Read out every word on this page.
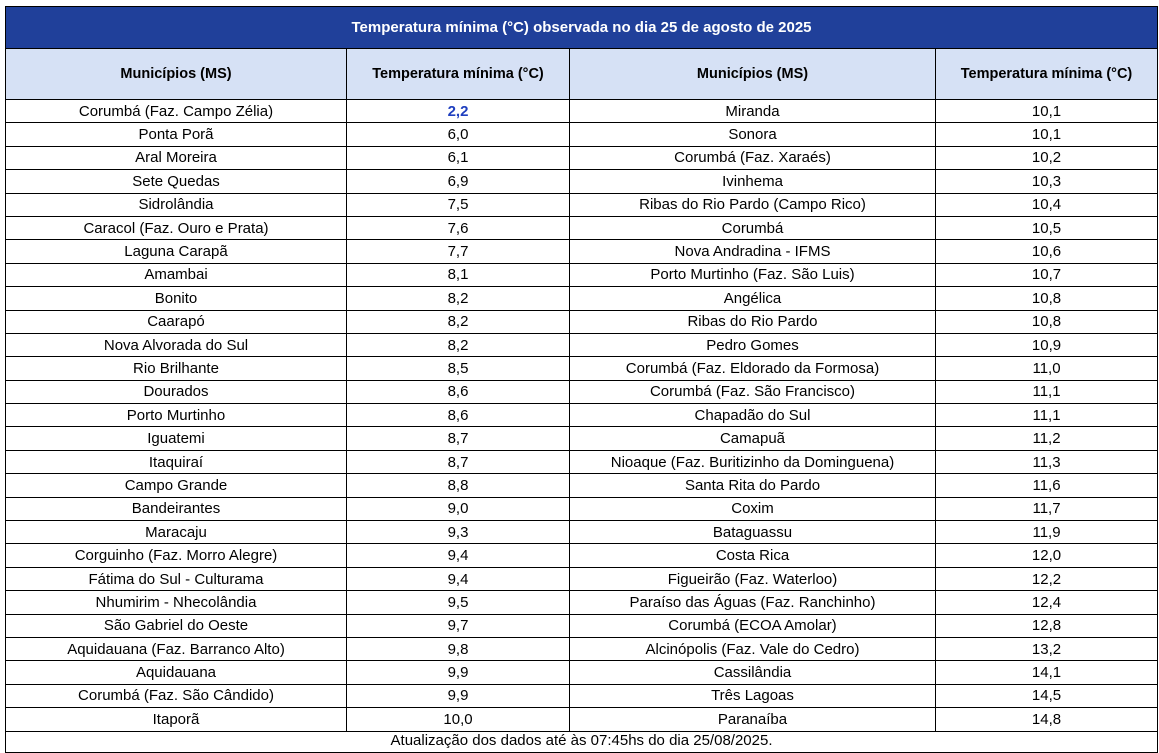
Temperatura mínima (°C) observada no dia 25 de agosto de 2025			
Municípios (MS)	Temperatura mínima (°C)	Municípios (MS)	Temperatura mínima (°C)
Corumbá (Faz. Campo Zélia)	2,2	Miranda	10,1
Ponta Porã	6,0	Sonora	10,1
Aral Moreira	6,1	Corumbá (Faz. Xaraés)	10,2
Sete Quedas	6,9	Ivinhema	10,3
Sidrolândia	7,5	Ribas do Rio Pardo (Campo Rico)	10,4
Caracol (Faz. Ouro e Prata)	7,6	Corumbá	10,5
Laguna Carapã	7,7	Nova Andradina - IFMS	10,6
Amambai	8,1	Porto Murtinho (Faz. São Luis)	10,7
Bonito	8,2	Angélica	10,8
Caarapó	8,2	Ribas do Rio Pardo	10,8
Nova Alvorada do Sul	8,2	Pedro Gomes	10,9
Rio Brilhante	8,5	Corumbá (Faz. Eldorado da Formosa)	11,0
Dourados	8,6	Corumbá (Faz. São Francisco)	11,1
Porto Murtinho	8,6	Chapadão do Sul	11,1
Iguatemi	8,7	Camapuã	11,2
Itaquiraí	8,7	Nioaque (Faz. Buritizinho da Dominguena)	11,3
Campo Grande	8,8	Santa Rita do Pardo	11,6
Bandeirantes	9,0	Coxim	11,7
Maracaju	9,3	Bataguassu	11,9
Corguinho (Faz. Morro Alegre)	9,4	Costa Rica	12,0
Fátima do Sul - Culturama	9,4	Figueirão (Faz. Waterloo)	12,2
Nhumirim - Nhecolândia	9,5	Paraíso das Águas (Faz. Ranchinho)	12,4
São Gabriel do Oeste	9,7	Corumbá (ECOA Amolar)	12,8
Aquidauana (Faz. Barranco Alto)	9,8	Alcinópolis (Faz. Vale do Cedro)	13,2
Aquidauana	9,9	Cassilândia	14,1
Corumbá (Faz. São Cândido)	9,9	Três Lagoas	14,5
Itaporã	10,0	Paranaíba	14,8
Atualização dos dados até às 07:45hs do dia 25/08/2025.			
